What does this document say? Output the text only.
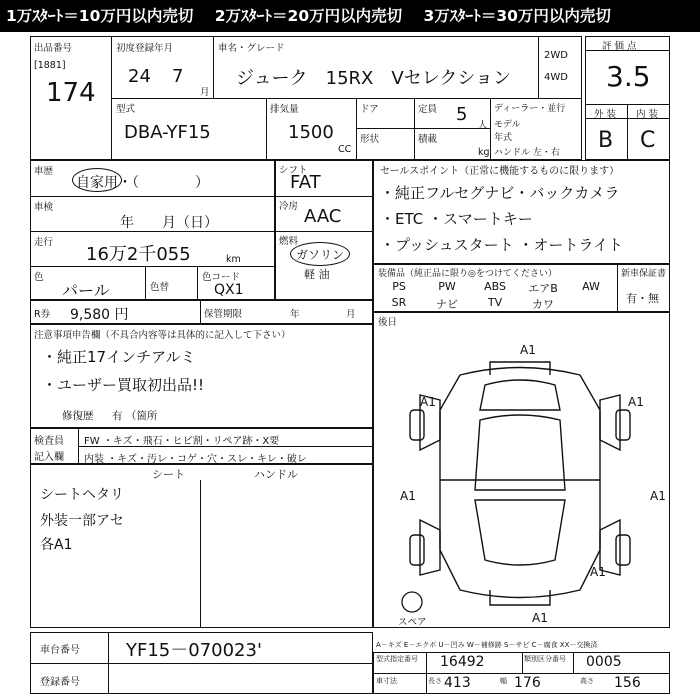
1万ｽﾀｰﾄ＝10万円以内売切 2万ｽﾀｰﾄ＝20万円以内売切 3万ｽﾀｰﾄ＝30万円以内売切
出品番号
[1881]
174
初度登録年月
24 7
月
車名・グレード
ジューク　15RX　Vセレクション
2WD
4WD
評 価 点
3.5
外 装 内 装
B C
型式
DBA-YF15
排気量
1500
CC
ドア
形状
定員 5
人
積載
kg
ディーラー・並行
モデル
年式
ハンドル 左・右
車歴
自家用・（　　　　）
車検
年　　月（日）
走行
16万2千055	km
色
パール	色替
色コード
QX1
シフト
FAT
冷房 AAC
燃料
ガソリン
軽 油
セールスポイント（正常に機能するものに限ります）
・純正フルセグナビ・バックカメラ
・ETC ・スマートキー
・プッシュスタート ・オートライト
装備品（純正品に限り◎をつけてください）	新車保証書
有・無
PS	PW	ABS	エアB	AW
SR	ナビ	TV	カワ
R券 9,580 円	保管期限	年	月
注意事項申告欄（不具合内容等は具体的に記入して下さい）
・純正17インチアルミ
・ユーザー買取初出品!!
修復歴 有 （箇所
後日
A1
A1	A1
A1	A1
A1
A1
スペア
検査員
記入欄
FW ・キズ・飛石・ヒビ割・リペア跡・X要
内装 ・キズ・汚レ・コゲ・穴・スレ・キレ・破レ
シート	ハンドル
シートヘタリ
外装一部アセ
各A1
車台番号	YF15－070023'
登録番号
A－キズ E－エクボ U－凹み W－補修跡 S－サビ C－腐食 XX－交換済
型式指定番号 16492	類別区分番号 0005
車寸法	長さ 413	幅 176	高さ 156
